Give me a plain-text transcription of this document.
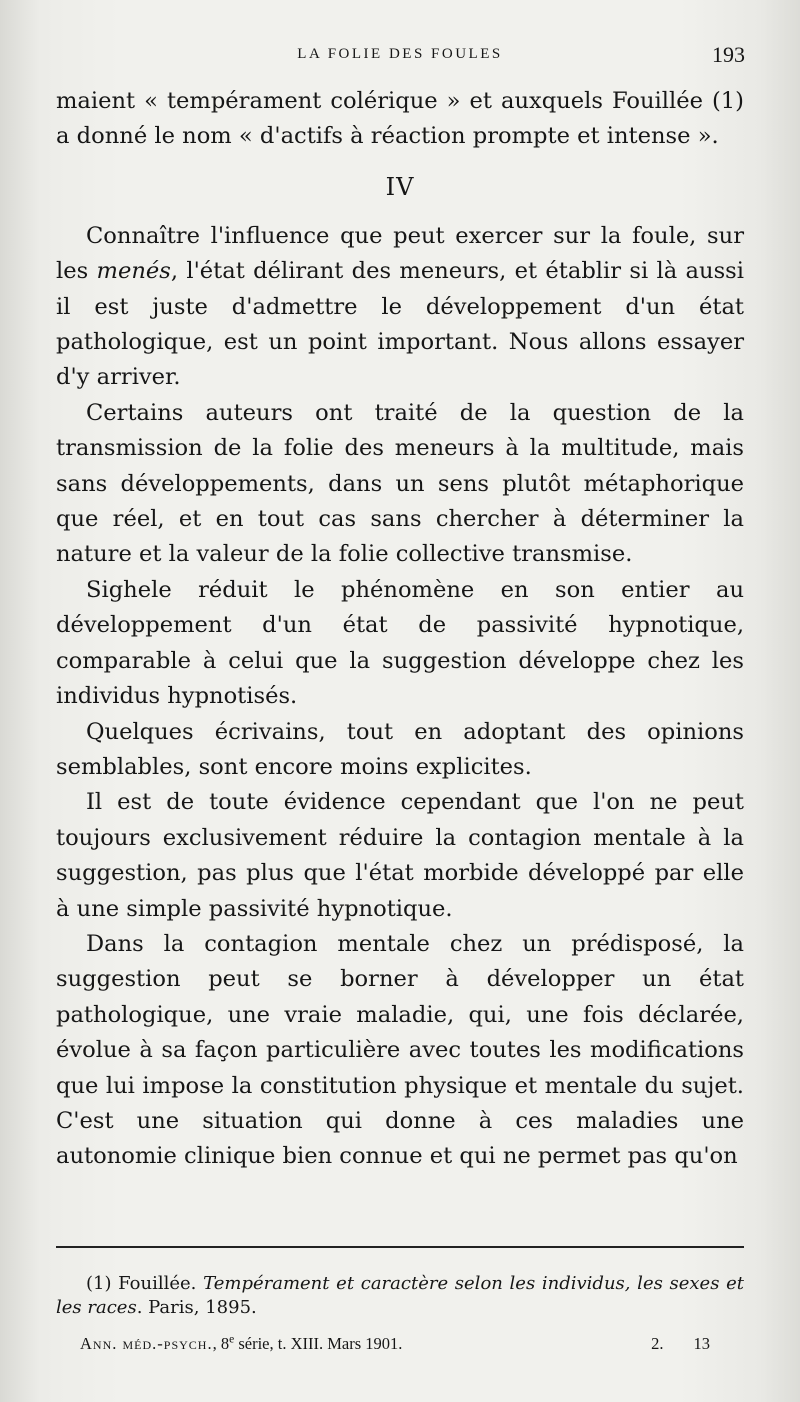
LA FOLIE DES FOULES	193

maient « tempérament colérique » et auxquels Fouillée (1) a donné le nom « d'actifs à réaction prompte et intense ».

IV

Connaître l'influence que peut exercer sur la foule, sur les menés, l'état délirant des meneurs, et établir si là aussi il est juste d'admettre le développement d'un état pathologique, est un point important. Nous allons essayer d'y arriver.

Certains auteurs ont traité de la question de la transmission de la folie des meneurs à la multitude, mais sans développements, dans un sens plutôt métaphorique que réel, et en tout cas sans chercher à déterminer la nature et la valeur de la folie collective transmise.

Sighele réduit le phénomène en son entier au développement d'un état de passivité hypnotique, comparable à celui que la suggestion développe chez les individus hypnotisés.

Quelques écrivains, tout en adoptant des opinions semblables, sont encore moins explicites.

Il est de toute évidence cependant que l'on ne peut toujours exclusivement réduire la contagion mentale à la suggestion, pas plus que l'état morbide développé par elle à une simple passivité hypnotique.

Dans la contagion mentale chez un prédisposé, la suggestion peut se borner à développer un état pathologique, une vraie maladie, qui, une fois déclarée, évolue à sa façon particulière avec toutes les modifications que lui impose la constitution physique et mentale du sujet. C'est une situation qui donne à ces maladies une autonomie clinique bien connue et qui ne permet pas qu'on

(1) Fouillée. Tempérament et caractère selon les individus, les sexes et les races. Paris, 1895.
Ann. méd.-psych., 8e série, t. XIII. Mars 1901.	2. 13
